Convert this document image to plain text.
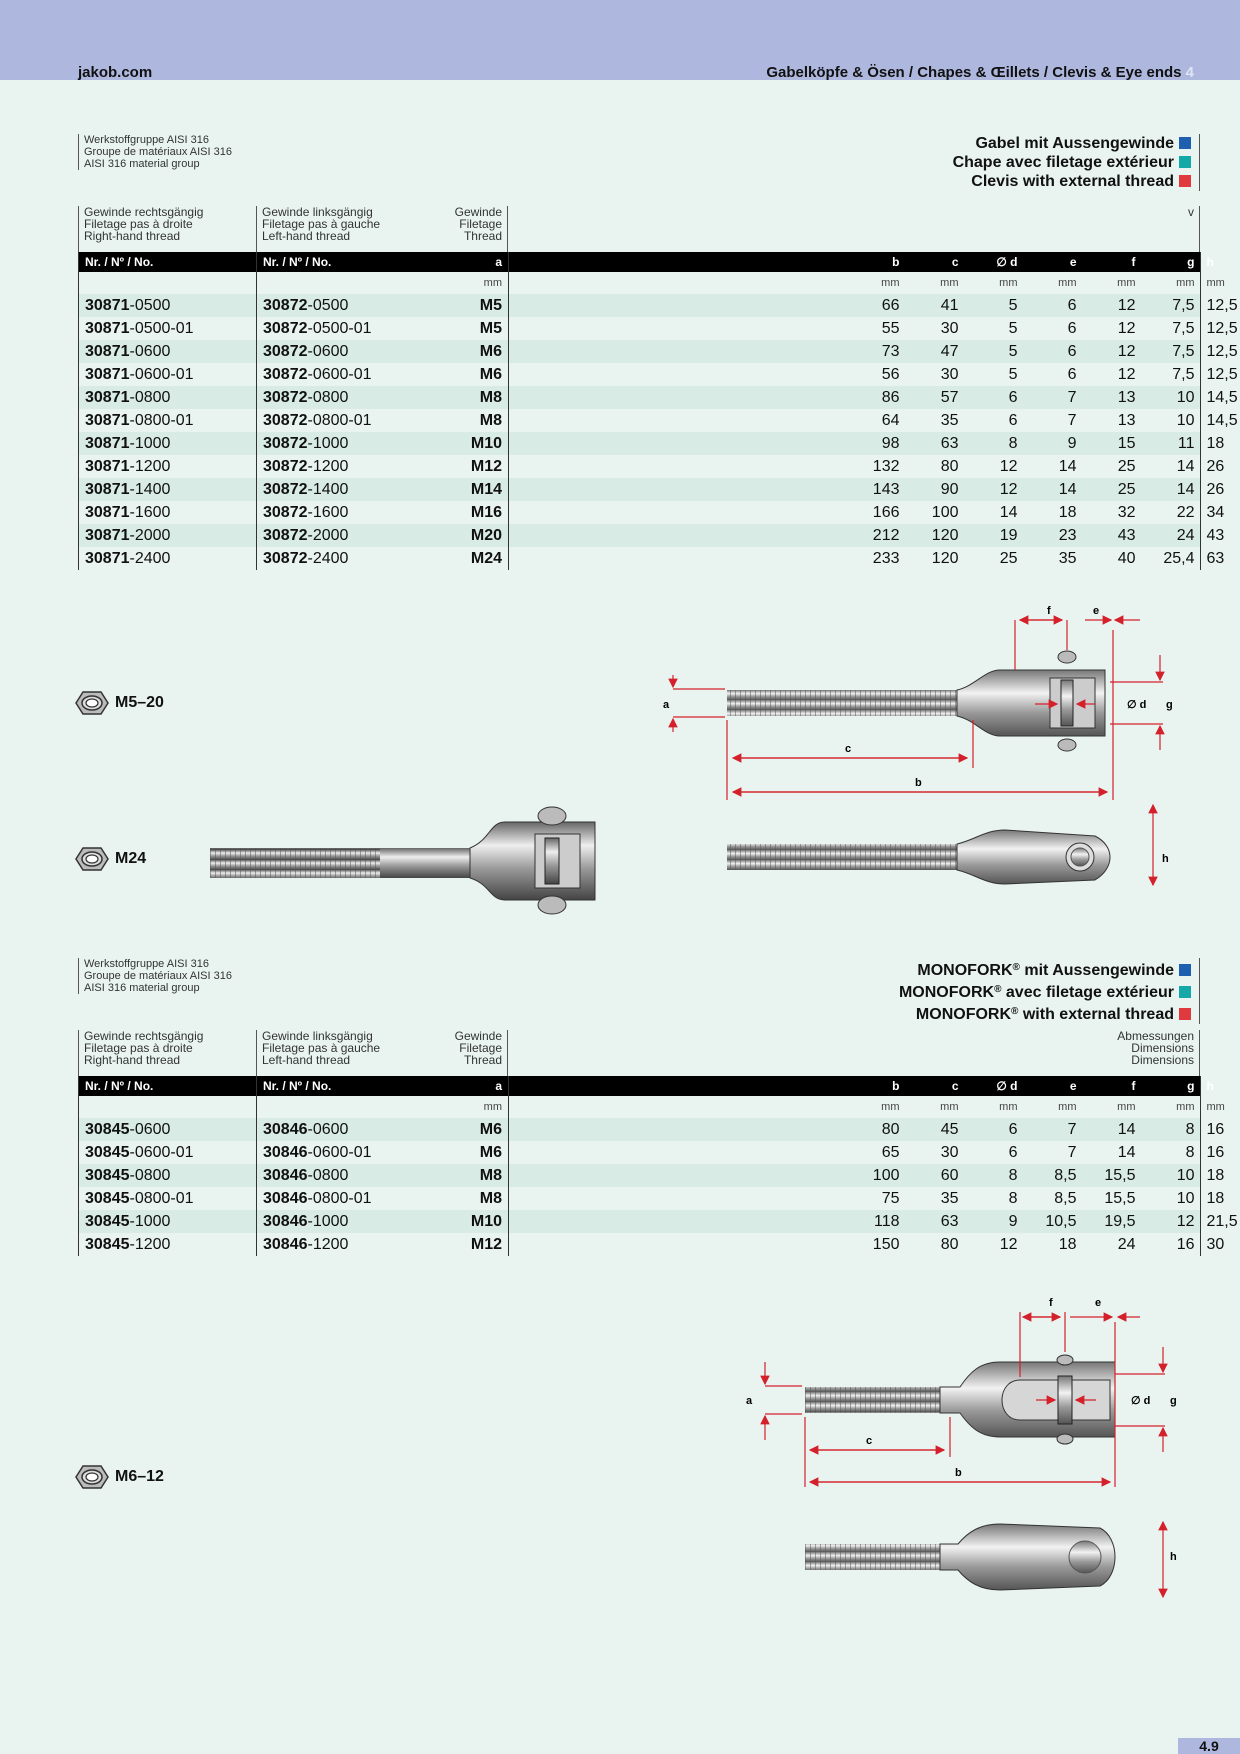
jakob.com	Gabelköpfe & Ösen / Chapes & Œillets / Clevis & Eye ends 4
Werkstoffgruppe AISI 316
Groupe de matériaux AISI 316
AISI 316 material group
Gabel mit Aussengewinde
Chape avec filetage extérieur
Clevis with external thread
Gewinde rechtsgängig
Filetage pas à droite
Right-hand thread
Gewinde linksgängig
Filetage pas à gauche
Left-hand thread
Gewinde
Filetage
Thread
v
Nr. / Nº / No.	Nr. / Nº / No.	a		b	c	∅ d	e	f	g	h
		mm		mm	mm	mm	mm	mm	mm	mm
30871-0500	30872-0500	M5		66	41	5	6	12	7,5	12,5
30871-0500-01	30872-0500-01	M5		55	30	5	6	12	7,5	12,5
30871-0600	30872-0600	M6		73	47	5	6	12	7,5	12,5
30871-0600-01	30872-0600-01	M6		56	30	5	6	12	7,5	12,5
30871-0800	30872-0800	M8		86	57	6	7	13	10	14,5
30871-0800-01	30872-0800-01	M8		64	35	6	7	13	10	14,5
30871-1000	30872-1000	M10		98	63	8	9	15	11	18
30871-1200	30872-1200	M12		132	80	12	14	25	14	26
30871-1400	30872-1400	M14		143	90	12	14	25	14	26
30871-1600	30872-1600	M16		166	100	14	18	32	22	34
30871-2000	30872-2000	M20		212	120	19	23	43	24	43
30871-2400	30872-2400	M24		233	120	25	35	40	25,4	63
M5–20
M24
a
c
b
f	e
∅ d g
h
Werkstoffgruppe AISI 316
Groupe de matériaux AISI 316
AISI 316 material group
MONOFORK® mit Aussengewinde
MONOFORK® avec filetage extérieur
MONOFORK® with external thread
Gewinde rechtsgängig
Filetage pas à droite
Right-hand thread
Gewinde linksgängig
Filetage pas à gauche
Left-hand thread
Gewinde
Filetage
Thread
Abmessungen
Dimensions
Dimensions
Nr. / Nº / No.	Nr. / Nº / No.	a		b	c	∅ d	e	f	g	h
		mm		mm	mm	mm	mm	mm	mm	mm
30845-0600	30846-0600	M6		80	45	6	7	14	8	16
30845-0600-01	30846-0600-01	M6		65	30	6	7	14	8	16
30845-0800	30846-0800	M8		100	60	8	8,5	15,5	10	18
30845-0800-01	30846-0800-01	M8		75	35	8	8,5	15,5	10	18
30845-1000	30846-1000	M10		118	63	9	10,5	19,5	12	21,5
30845-1200	30846-1200	M12		150	80	12	18	24	16	30
M6–12
a
c
b
f	e
∅ d g
h
4.9
